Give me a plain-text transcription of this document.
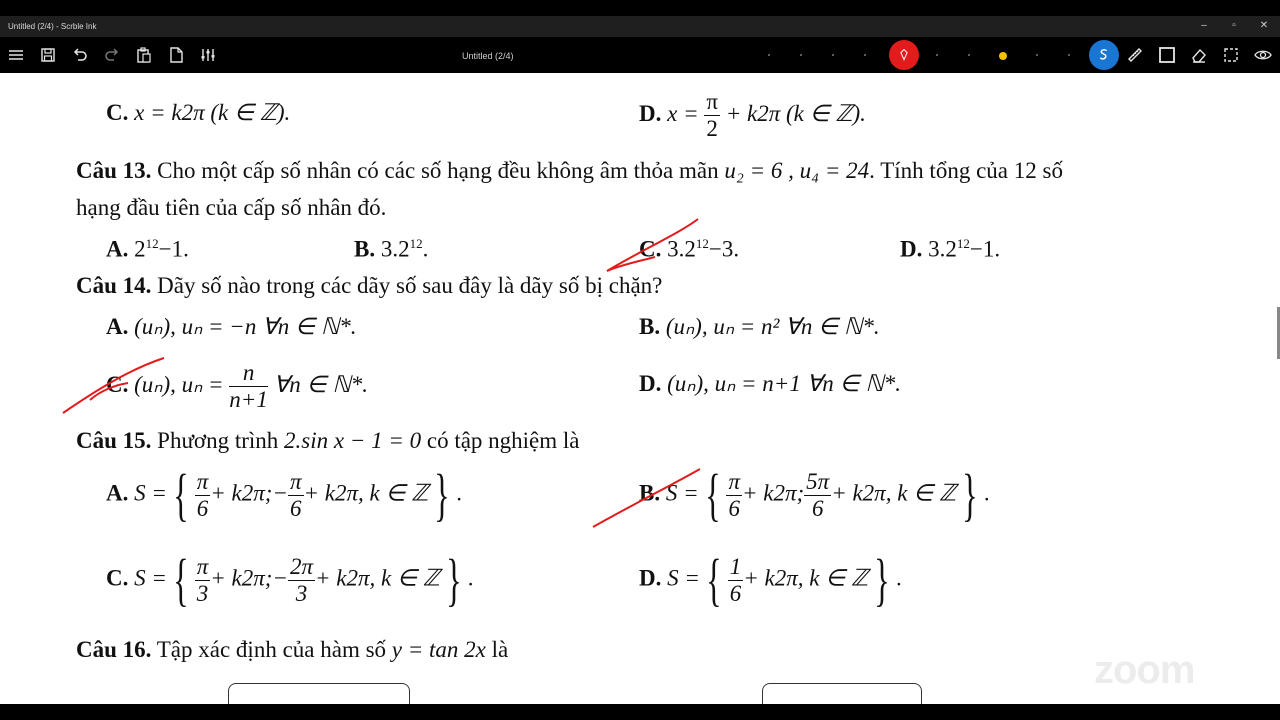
Untitled (2/4) - Scrble Ink	–	▫	✕
Untitled (2/4)
C. x = k2π (k ∈ ℤ).	D. $x = \frac{\pi}{2} + k2\pi$ (k ∈ ℤ).
Câu 13. Cho một cấp số nhân có các số hạng đều không âm thỏa mãn u₂ = 6 , u₄ = 24. Tính tổng của 12 số
hạng đầu tiên của cấp số nhân đó.
A. $2^{12}-1$.	B. $3.2^{12}$.	C. $3.2^{12}-3$.	D. $3.2^{12}-1$.
Câu 14. Dãy số nào trong các dãy số sau đây là dãy số bị chặn?
A. (uₙ), uₙ = −n ∀n ∈ ℕ*.	B. (uₙ), uₙ = n² ∀n ∈ ℕ*.
C. (uₙ), $u_n = \frac{n}{n+1}$ ∀n ∈ ℕ*.	D. (uₙ), uₙ = n+1 ∀n ∈ ℕ*.
Câu 15. Phương trình 2.sin x − 1 = 0 có tập nghiệm là
A. S = { $\frac{\pi}{6}$ + k2π;− $\frac{\pi}{6} + k2\pi$, k ∈ ℤ } .	B. S = { $\frac{\pi}{6} + k2\pi$; $\frac{5\pi}{6} + k2\pi$, k ∈ ℤ } .
C. S = { $\frac{\pi}{3}$ + k2π;− $\frac{2\pi}{3} + k2\pi$, k ∈ ℤ } .	D. S = { $\frac{1}{6} + k2\pi$, k ∈ ℤ } .
Câu 16. Tập xác định của hàm số y = tan 2x là	zoom
